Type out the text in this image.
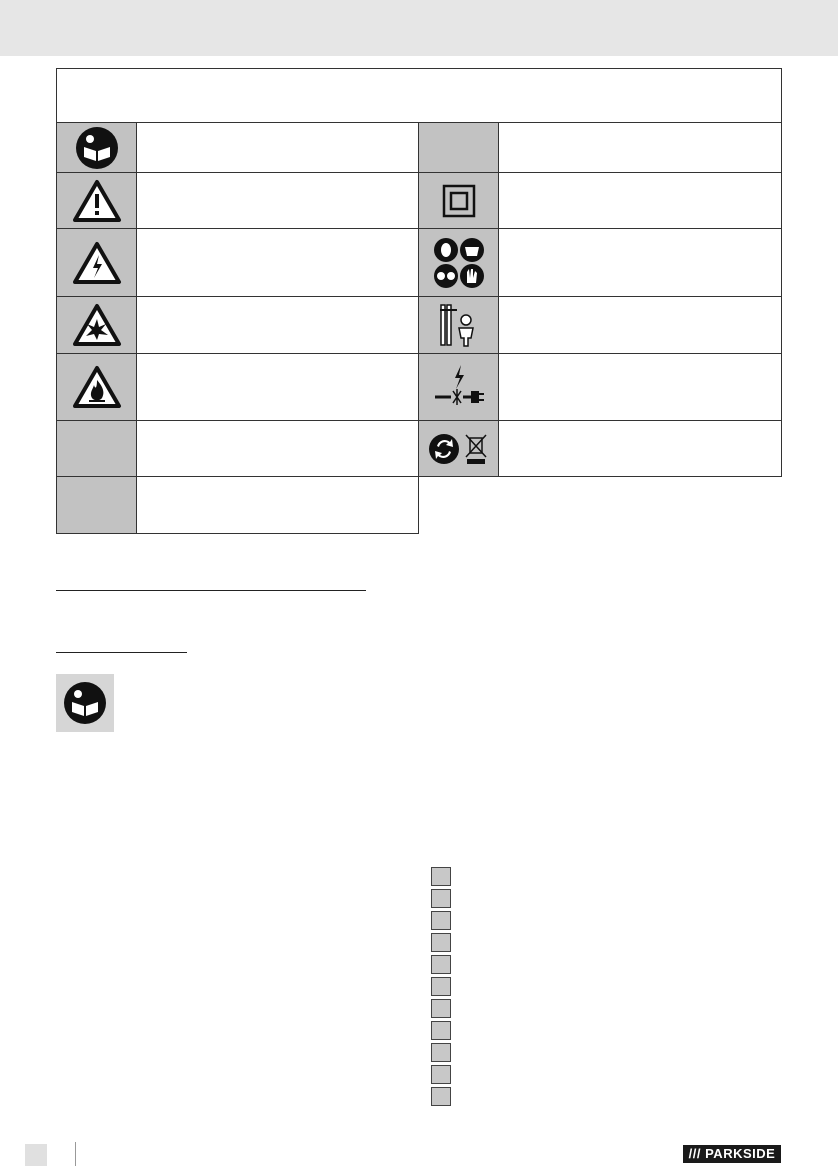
/// PARKSIDE
